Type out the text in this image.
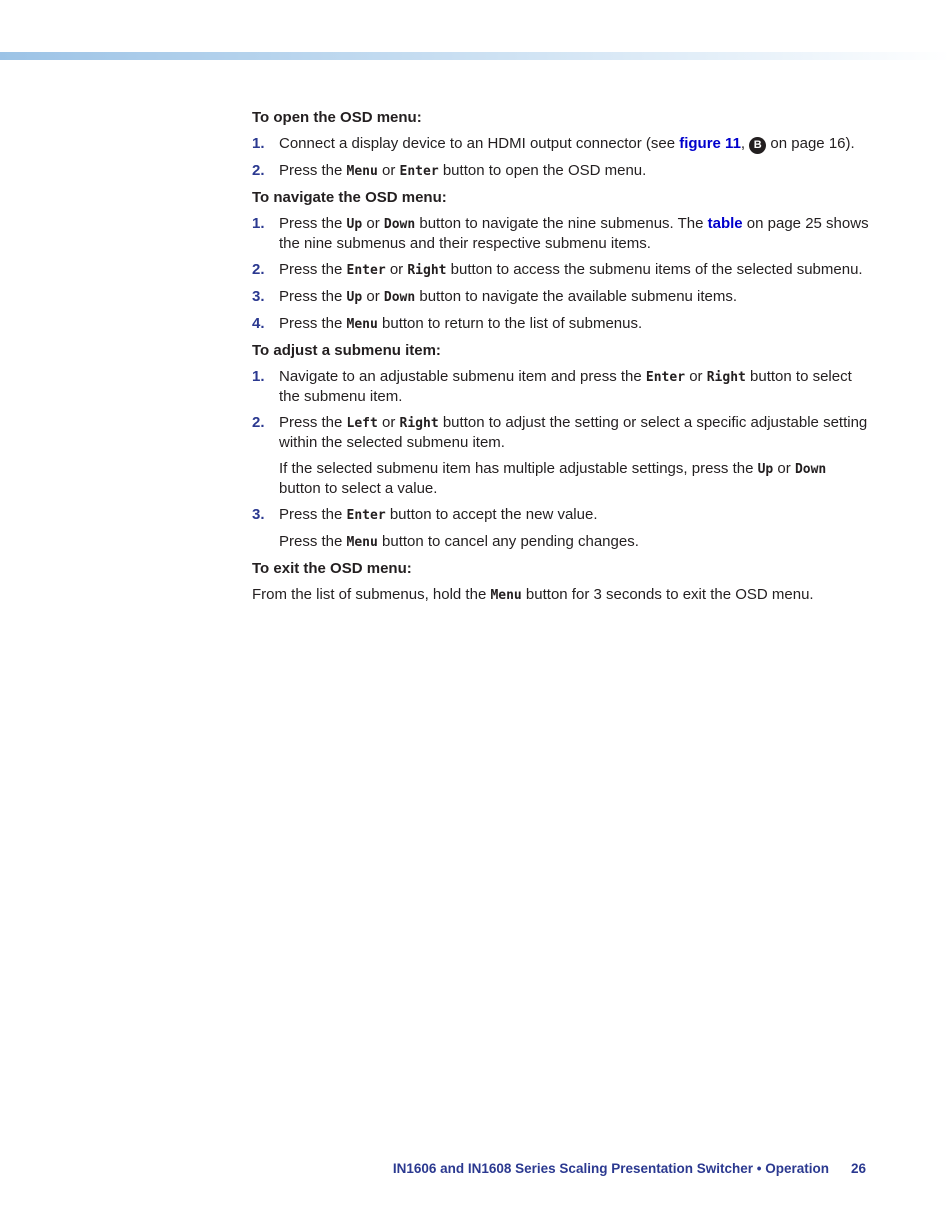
To open the OSD menu:
1. Connect a display device to an HDMI output connector (see figure 11, B on page 16).
2. Press the Menu or Enter button to open the OSD menu.
To navigate the OSD menu:
1. Press the Up or Down button to navigate the nine submenus. The table on page 25 shows the nine submenus and their respective submenu items.
2. Press the Enter or Right button to access the submenu items of the selected submenu.
3. Press the Up or Down button to navigate the available submenu items.
4. Press the Menu button to return to the list of submenus.
To adjust a submenu item:
1. Navigate to an adjustable submenu item and press the Enter or Right button to select the submenu item.
2. Press the Left or Right button to adjust the setting or select a specific adjustable setting within the selected submenu item.
If the selected submenu item has multiple adjustable settings, press the Up or Down button to select a value.
3. Press the Enter button to accept the new value.
Press the Menu button to cancel any pending changes.
To exit the OSD menu:
From the list of submenus, hold the Menu button for 3 seconds to exit the OSD menu.
IN1606 and IN1608 Series Scaling Presentation Switcher • Operation 26
